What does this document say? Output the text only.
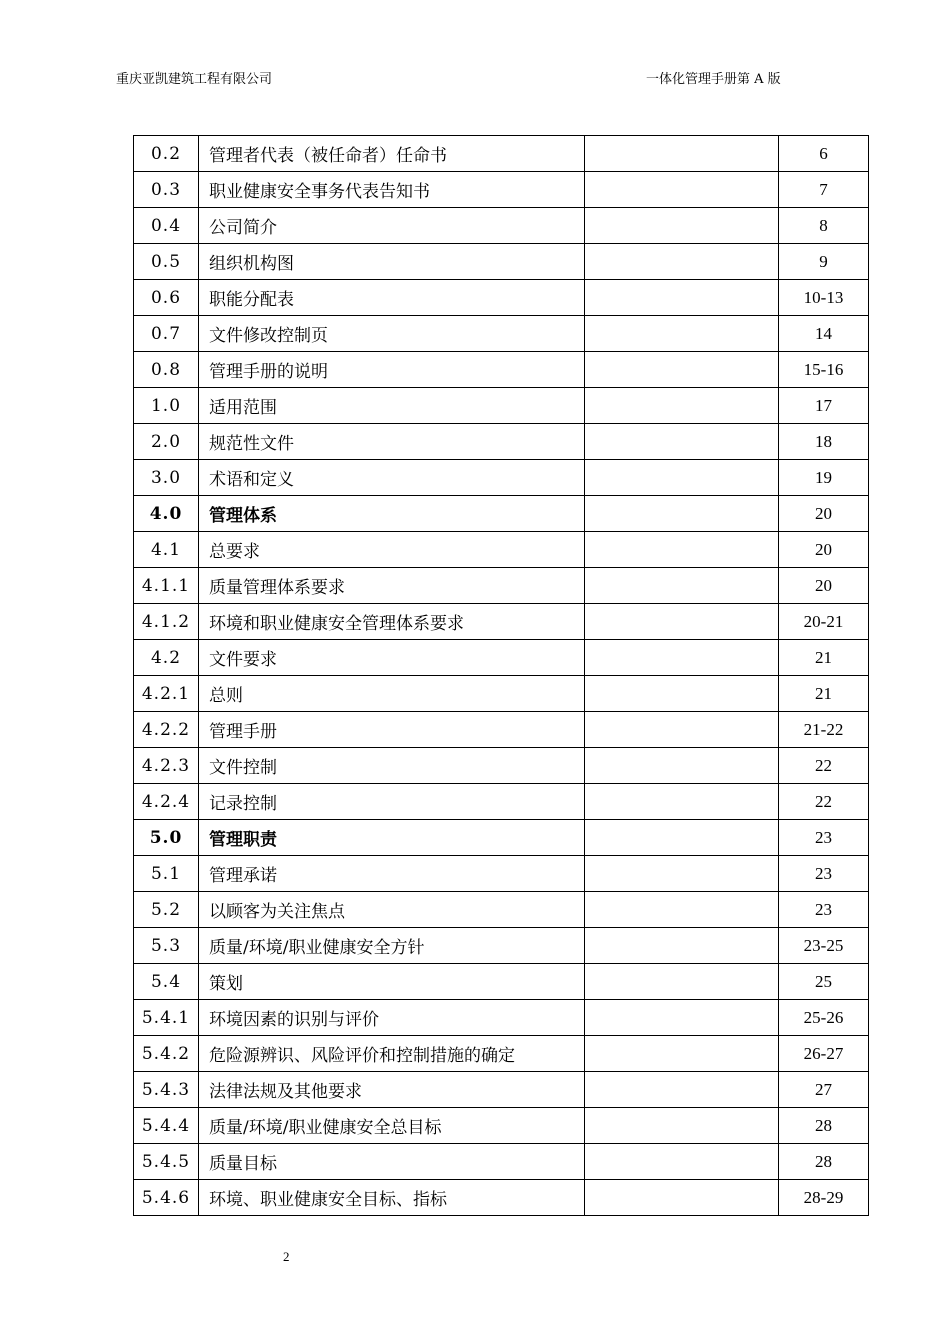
重庆亚凯建筑工程有限公司	一体化管理手册第 A 版
0.2	管理者代表（被任命者）任命书		6
0.3	职业健康安全事务代表告知书		7
0.4	公司简介		8
0.5	组织机构图		9
0.6	职能分配表		10-13
0.7	文件修改控制页		14
0.8	管理手册的说明		15-16
1.0	适用范围		17
2.0	规范性文件		18
3.0	术语和定义		19
4.0	管理体系		20
4.1	总要求		20
4.1.1	质量管理体系要求		20
4.1.2	环境和职业健康安全管理体系要求		20-21
4.2	文件要求		21
4.2.1	总则		21
4.2.2	管理手册		21-22
4.2.3	文件控制		22
4.2.4	记录控制		22
5.0	管理职责		23
5.1	管理承诺		23
5.2	以顾客为关注焦点		23
5.3	质量/环境/职业健康安全方针		23-25
5.4	策划		25
5.4.1	环境因素的识别与评价		25-26
5.4.2	危险源辨识、风险评价和控制措施的确定		26-27
5.4.3	法律法规及其他要求		27
5.4.4	质量/环境/职业健康安全总目标		28
5.4.5	质量目标		28
5.4.6	环境、职业健康安全目标、指标		28-29
2
